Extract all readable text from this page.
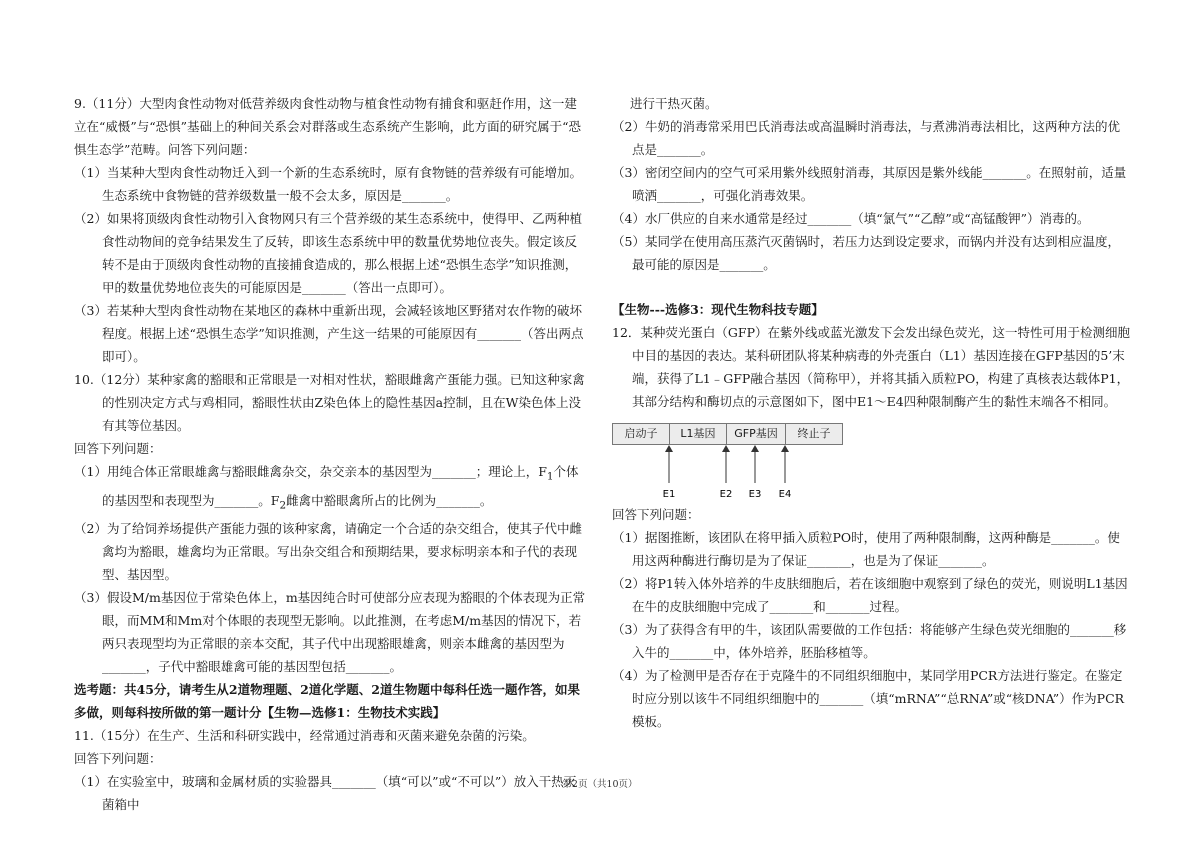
9.（11分）大型肉食性动物对低营养级肉食性动物与植食性动物有捕食和驱赶作用，这一建立在“威慑”与“恐惧”基础上的种间关系会对群落或生态系统产生影响，此方面的研究属于“恐惧生态学”范畴。问答下列问题：

（1）当某种大型肉食性动物迁入到一个新的生态系统时，原有食物链的营养级有可能增加。生态系统中食物链的营养级数量一般不会太多，原因是_______。

（2）如果将顶级肉食性动物引入食物网只有三个营养级的某生态系统中，使得甲、乙两种植食性动物间的竞争结果发生了反转，即该生态系统中甲的数量优势地位丧失。假定该反转不是由于顶级肉食性动物的直接捕食造成的，那么根据上述“恐惧生态学”知识推测，甲的数量优势地位丧失的可能原因是_______（答出一点即可）。

（3）若某种大型肉食性动物在某地区的森林中重新出现，会减轻该地区野猪对农作物的破坏程度。根据上述“恐惧生态学”知识推测，产生这一结果的可能原因有_______（答出两点即可）。

10.（12分）某种家禽的豁眼和正常眼是一对相对性状，豁眼雌禽产蛋能力强。已知这种家禽的性别决定方式与鸡相同，豁眼性状由Z染色体上的隐性基因a控制，且在W染色体上没有其等位基因。

回答下列问题：

（1）用纯合体正常眼雄禽与豁眼雌禽杂交，杂交亲本的基因型为_______；理论上，$F_1$个体的基因型和表现型为_______。$F_2$雌禽中豁眼禽所占的比例为_______。

（2）为了给饲养场提供产蛋能力强的该种家禽，请确定一个合适的杂交组合，使其子代中雌禽均为豁眼，雄禽均为正常眼。写出杂交组合和预期结果，要求标明亲本和子代的表现型、基因型。

（3）假设M/m基因位于常染色体上，m基因纯合时可使部分应表现为豁眼的个体表现为正常眼，而MM和Mm对个体眼的表现型无影响。以此推测，在考虑M/m基因的情况下，若两只表现型均为正常眼的亲本交配，其子代中出现豁眼雄禽，则亲本雌禽的基因型为_______，子代中豁眼雄禽可能的基因型包括_______。

选考题：共45分，请考生从2道物理题、2道化学题、2道生物题中每科任选一题作答，如果多做，则每科按所做的第一题计分【生物—选修1：生物技术实践】

11.（15分）在生产、生活和科研实践中，经常通过消毒和灭菌来避免杂菌的污染。

回答下列问题：

（1）在实验室中，玻璃和金属材质的实验器具_______（填“可以”或“不可以”）放入干热灭菌箱中

进行干热灭菌。

（2）牛奶的消毒常采用巴氏消毒法或高温瞬时消毒法，与煮沸消毒法相比，这两种方法的优点是_______。

（3）密闭空间内的空气可采用紫外线照射消毒，其原因是紫外线能_______。在照射前，适量喷洒_______，可强化消毒效果。

（4）水厂供应的自来水通常是经过_______（填“氯气”“乙醇”或“高锰酸钾”）消毒的。

（5）某同学在使用高压蒸汽灭菌锅时，若压力达到设定要求，而锅内并没有达到相应温度，最可能的原因是_______。

【生物---选修3：现代生物科技专题】

12．某种荧光蛋白（GFP）在紫外线或蓝光激发下会发出绿色荧光，这一特性可用于检测细胞中目的基因的表达。某科研团队将某种病毒的外壳蛋白（L1）基因连接在GFP基因的5’末端，获得了L1﹣GFP融合基因（简称甲），并将其插入质粒PO，构建了真核表达载体P1，其部分结构和酶切点的示意图如下，图中E1～E4四种限制酶产生的黏性末端各不相同。

启动子	L1基因	GFP基因	终止子
E1	E2 E3 E4

回答下列问题：

（1）据图推断，该团队在将甲插入质粒PO时，使用了两种限制酶，这两种酶是_______。使用这两种酶进行酶切是为了保证_______，也是为了保证_______。

（2）将P1转入体外培养的牛皮肤细胞后，若在该细胞中观察到了绿色的荧光，则说明L1基因在牛的皮肤细胞中完成了_______和_______过程。

（3）为了获得含有甲的牛，该团队需要做的工作包括：将能够产生绿色荧光细胞的_______移入牛的_______中，体外培养，胚胎移植等。

（4）为了检测甲是否存在于克隆牛的不同组织细胞中，某同学用PCR方法进行鉴定。在鉴定时应分别以该牛不同组织细胞中的_______（填“mRNA”“总RNA”或“核DNA”）作为PCR模板。

第2页（共10页）
